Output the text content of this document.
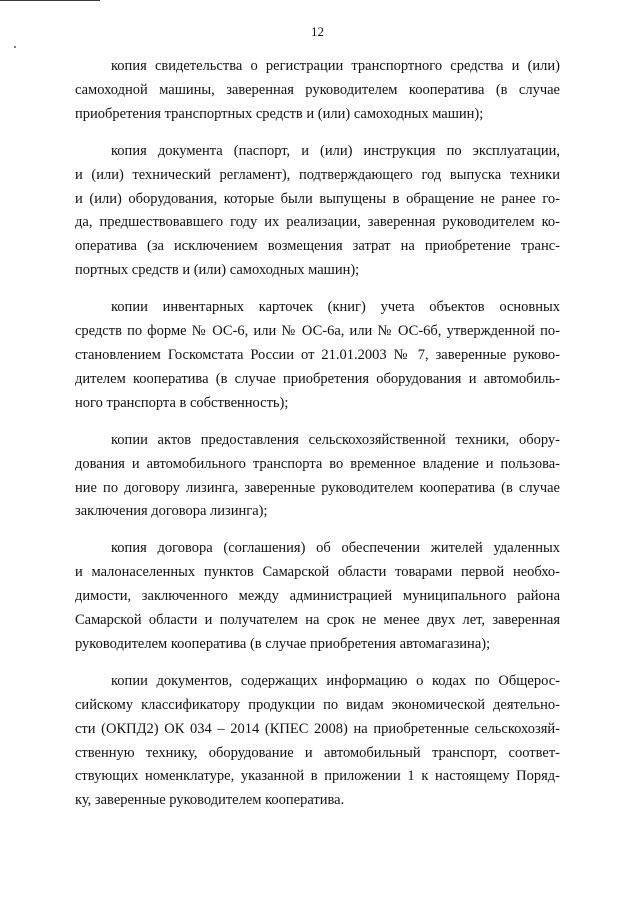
12

копия свидетельства о регистрации транспортного средства и (или)
самоходной машины, заверенная руководителем кооператива (в случае
приобретения транспортных средств и (или) самоходных машин);

копия документа (паспорт, и (или) инструкция по эксплуатации,
и (или) технический регламент), подтверждающего год выпуска техники
и (или) оборудования, которые были выпущены в обращение не ранее го-
да, предшествовавшего году их реализации, заверенная руководителем ко-
оператива (за исключением возмещения затрат на приобретение транс-
портных средств и (или) самоходных машин);

копии инвентарных карточек (книг) учета объектов основных
средств по форме № ОС-6, или № ОС-6а, или № ОС-6б, утвержденной по-
становлением Госкомстата России от 21.01.2003 № 7, заверенные руково-
дителем кооператива (в случае приобретения оборудования и автомобиль-
ного транспорта в собственность);

копии актов предоставления сельскохозяйственной техники, обору-
дования и автомобильного транспорта во временное владение и пользова-
ние по договору лизинга, заверенные руководителем кооператива (в случае
заключения договора лизинга);

копия договора (соглашения) об обеспечении жителей удаленных
и малонаселенных пунктов Самарской области товарами первой необхо-
димости, заключенного между администрацией муниципального района
Самарской области и получателем на срок не менее двух лет, заверенная
руководителем кооператива (в случае приобретения автомагазина);

копии документов, содержащих информацию о кодах по Общерос-
сийскому классификатору продукции по видам экономической деятельно-
сти (ОКПД2) ОК 034 – 2014 (КПЕС 2008) на приобретенные сельскохозяй-
ственную технику, оборудование и автомобильный транспорт, соответ-
ствующих номенклатуре, указанной в приложении 1 к настоящему Поряд-
ку, заверенные руководителем кооператива.
